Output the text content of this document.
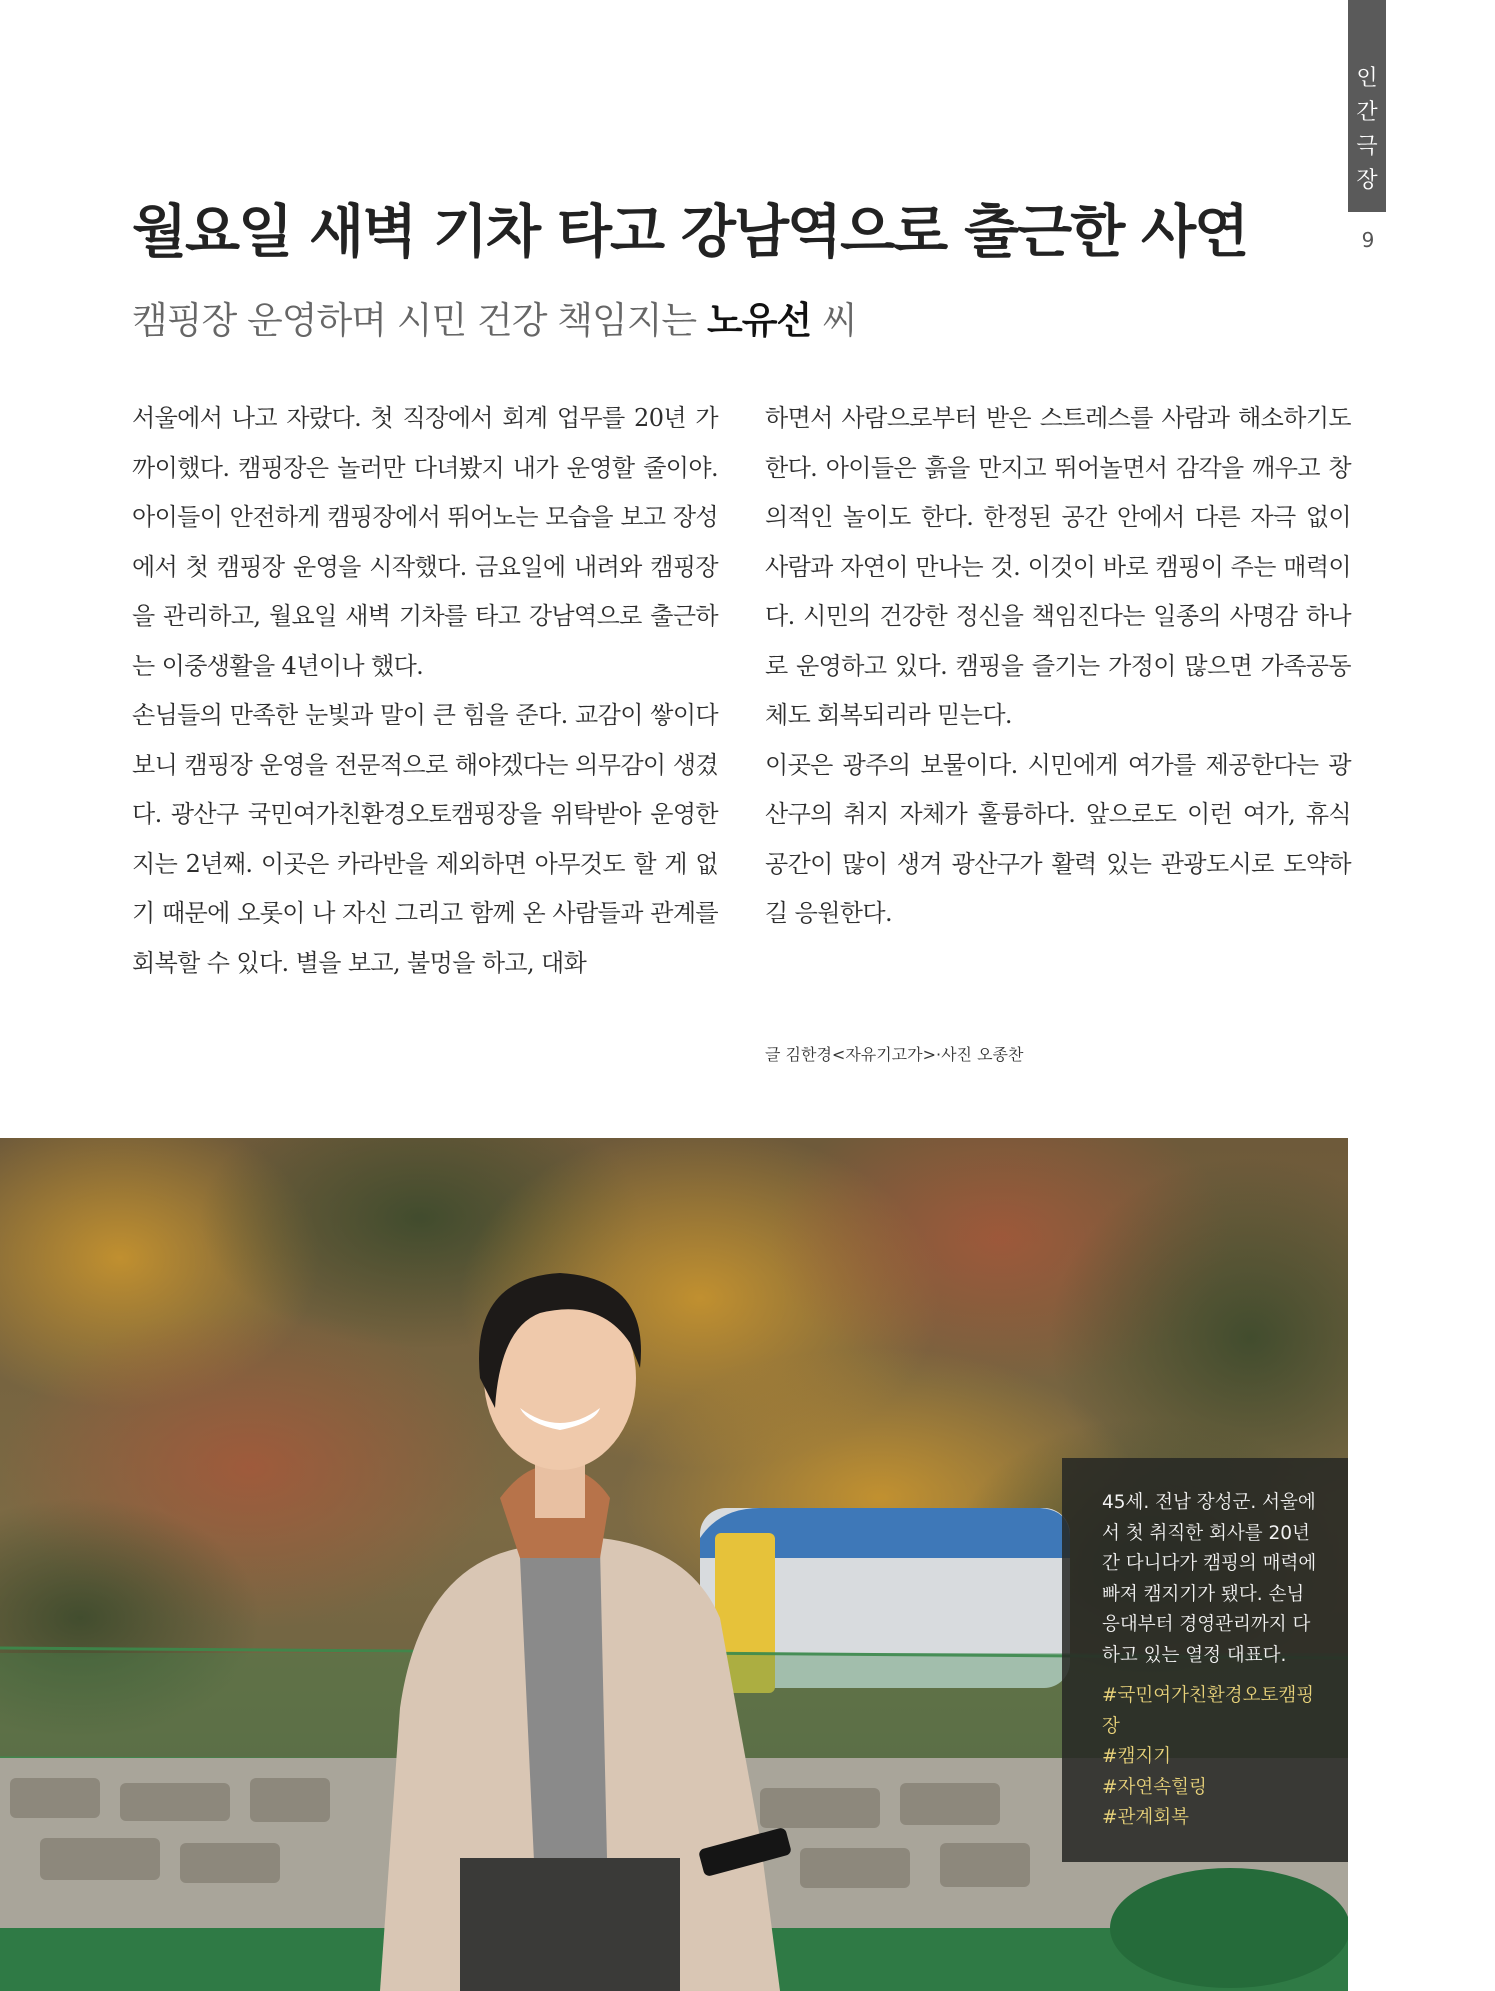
인
간
극
장
9
월요일 새벽 기차 타고 강남역으로 출근한 사연
캠핑장 운영하며 시민 건강 책임지는 노유선 씨

서울에서 나고 자랐다. 첫 직장에서 회계 업무를 20년 가까이했다. 캠핑장은 놀러만 다녀봤지 내가 운영할 줄이야. 아이들이 안전하게 캠핑장에서 뛰어노는 모습을 보고 장성에서 첫 캠핑장 운영을 시작했다. 금요일에 내려와 캠핑장을 관리하고, 월요일 새벽 기차를 타고 강남역으로 출근하는 이중생활을 4년이나 했다.

손님들의 만족한 눈빛과 말이 큰 힘을 준다. 교감이 쌓이다 보니 캠핑장 운영을 전문적으로 해야겠다는 의무감이 생겼다. 광산구 국민여가친환경오토캠핑장을 위탁받아 운영한 지는 2년째. 이곳은 카라반을 제외하면 아무것도 할 게 없기 때문에 오롯이 나 자신 그리고 함께 온 사람들과 관계를 회복할 수 있다. 별을 보고, 불멍을 하고, 대화

하면서 사람으로부터 받은 스트레스를 사람과 해소하기도 한다. 아이들은 흙을 만지고 뛰어놀면서 감각을 깨우고 창의적인 놀이도 한다. 한정된 공간 안에서 다른 자극 없이 사람과 자연이 만나는 것. 이것이 바로 캠핑이 주는 매력이다. 시민의 건강한 정신을 책임진다는 일종의 사명감 하나로 운영하고 있다. 캠핑을 즐기는 가정이 많으면 가족공동체도 회복되리라 믿는다.

이곳은 광주의 보물이다. 시민에게 여가를 제공한다는 광산구의 취지 자체가 훌륭하다. 앞으로도 이런 여가, 휴식 공간이 많이 생겨 광산구가 활력 있는 관광도시로 도약하길 응원한다.

글 김한경<자유기고가>·사진 오종찬
45세. 전남 장성군. 서울에서 첫 취직한 회사를 20년간 다니다가 캠핑의 매력에 빠져 캠지기가 됐다. 손님 응대부터 경영관리까지 다 하고 있는 열정 대표다.
#국민여가친환경오토캠핑장
#캠지기
#자연속힐링
#관계회복
